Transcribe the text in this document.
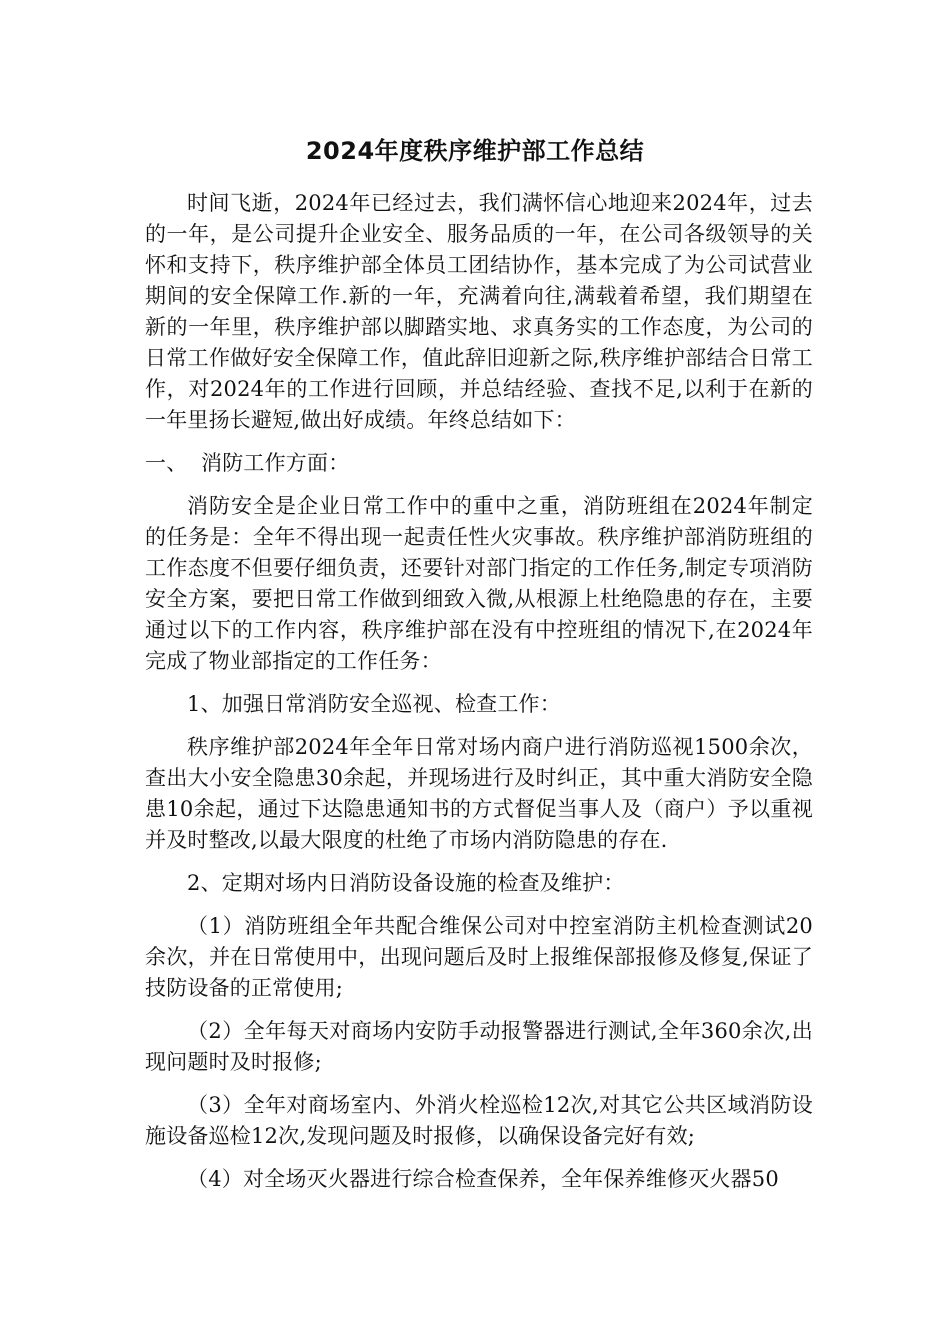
2024年度秩序维护部工作总结

时间飞逝，2024年已经过去，我们满怀信心地迎来2024年，过去的一年，是公司提升企业安全、服务品质的一年，在公司各级领导的关怀和支持下，秩序维护部全体员工团结协作，基本完成了为公司试营业期间的安全保障工作.新的一年，充满着向往,满载着希望，我们期望在新的一年里，秩序维护部以脚踏实地、求真务实的工作态度，为公司的日常工作做好安全保障工作，值此辞旧迎新之际,秩序维护部结合日常工作，对2024年的工作进行回顾，并总结经验、查找不足,以利于在新的一年里扬长避短,做出好成绩。年终总结如下：

一、 消防工作方面：

消防安全是企业日常工作中的重中之重，消防班组在2024年制定的任务是：全年不得出现一起责任性火灾事故。秩序维护部消防班组的工作态度不但要仔细负责，还要针对部门指定的工作任务,制定专项消防安全方案，要把日常工作做到细致入微,从根源上杜绝隐患的存在，主要通过以下的工作内容，秩序维护部在没有中控班组的情况下,在2024年完成了物业部指定的工作任务：

1、加强日常消防安全巡视、检查工作：

秩序维护部2024年全年日常对场内商户进行消防巡视1500余次，查出大小安全隐患30余起，并现场进行及时纠正，其中重大消防安全隐患10余起，通过下达隐患通知书的方式督促当事人及（商户）予以重视并及时整改,以最大限度的杜绝了市场内消防隐患的存在.

2、定期对场内日消防设备设施的检查及维护：

（1）消防班组全年共配合维保公司对中控室消防主机检查测试20余次，并在日常使用中，出现问题后及时上报维保部报修及修复,保证了技防设备的正常使用;

（2）全年每天对商场内安防手动报警器进行测试,全年360余次,出现问题时及时报修;

（3）全年对商场室内、外消火栓巡检12次,对其它公共区域消防设施设备巡检12次,发现问题及时报修，以确保设备完好有效;

（4）对全场灭火器进行综合检查保养，全年保养维修灭火器50
